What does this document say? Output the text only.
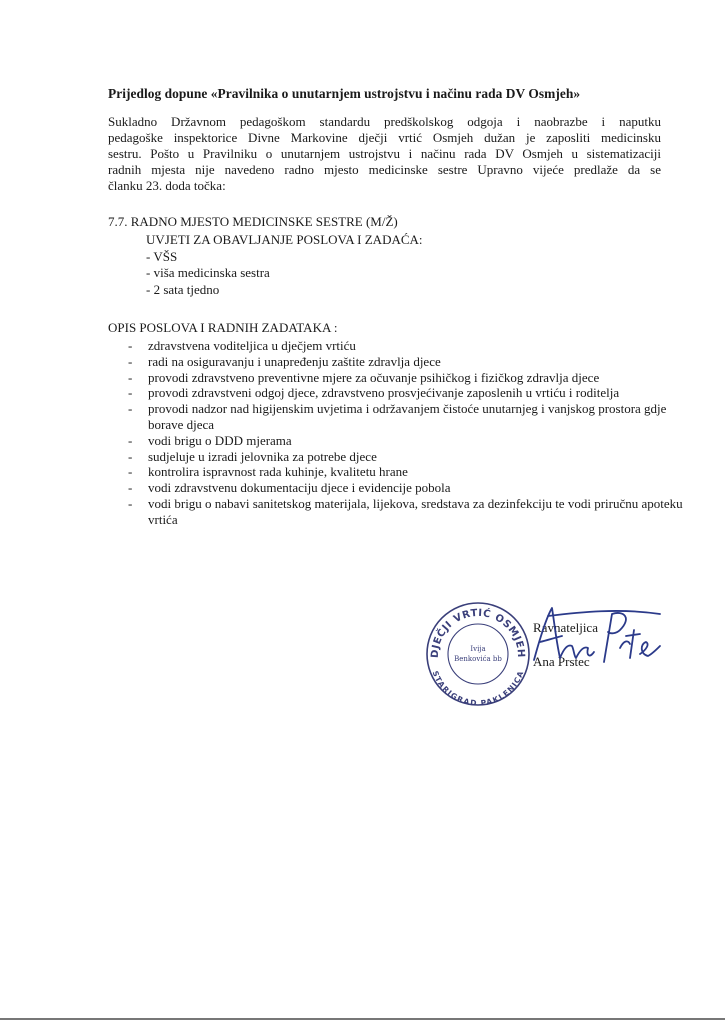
Prijedlog dopune «Pravilnika o unutarnjem ustrojstvu i načinu rada DV Osmjeh»
Sukladno Državnom pedagoškom standardu predškolskog odgoja i naobrazbe i naputku
pedagoške inspektorice Divne Markovine dječji vrtić Osmjeh dužan je zaposliti medicinsku
sestru. Pošto u Pravilniku o unutarnjem ustrojstvu i načinu rada DV Osmjeh u sistematizaciji
radnih mjesta nije navedeno radno mjesto medicinske sestre Upravno vijeće predlaže da se
članku 23. doda točka:
7.7. RADNO MJESTO MEDICINSKE SESTRE (M/Ž)
UVJETI ZA OBAVLJANJE POSLOVA I ZADAĆA:
- VŠS
- viša medicinska sestra
- 2 sata tjedno
OPIS POSLOVA I RADNIH ZADATAKA :
- zdravstvena voditeljica u dječjem vrtiću
- radi na osiguravanju i unapređenju zaštite zdravlja djece
- provodi zdravstveno preventivne mjere za očuvanje psihičkog i fizičkog zdravlja djece
- provodi zdravstveni odgoj djece, zdravstveno prosvjećivanje zaposlenih u vrtiću i roditelja
- provodi nadzor nad higijenskim uvjetima i održavanjem čistoće unutarnjeg i vanjskog prostora gdje borave djeca
- vodi brigu o DDD mjerama
- sudjeluje u izradi jelovnika za potrebe djece
- kontrolira ispravnost rada kuhinje, kvalitetu hrane
- vodi zdravstvenu dokumentaciju djece i evidencije pobola
- vodi brigu o nabavi sanitetskog materijala, lijekova, sredstava za dezinfekciju te vodi priručnu apoteku vrtića
DJEČJI VRTIĆ OSMJEH
STARIGRAD PAKLENICA
Ivija
Benkovića bb
Ravnateljica
Ana Prstec
